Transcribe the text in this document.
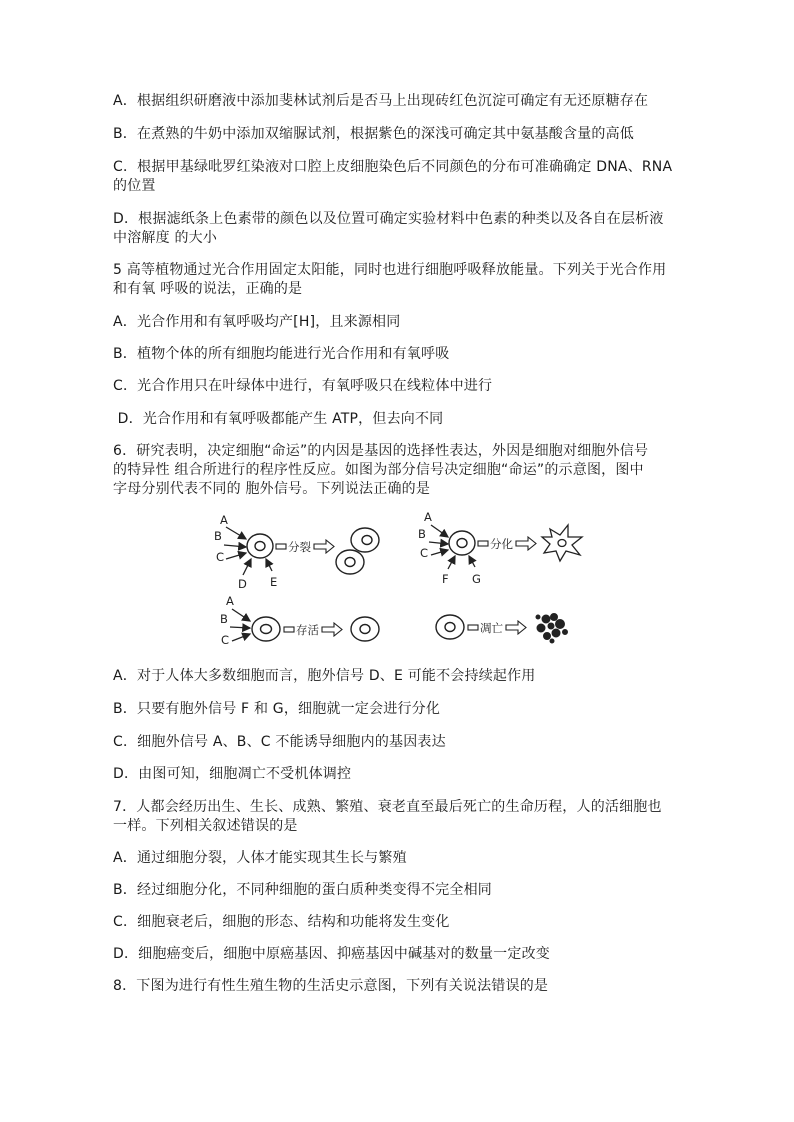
A．根据组织研磨液中添加斐林试剂后是否马上出现砖红色沉淀可确定有无还原糖存在
B．在煮熟的牛奶中添加双缩脲试剂，根据紫色的深浅可确定其中氨基酸含量的高低
C．根据甲基绿吡罗红染液对口腔上皮细胞染色后不同颜色的分布可准确确定 DNA、RNA
的位置
D．根据滤纸条上色素带的颜色以及位置可确定实验材料中色素的种类以及各自在层析液
中溶解度 的大小
5 高等植物通过光合作用固定太阳能，同时也进行细胞呼吸释放能量。下列关于光合作用
和有氧 呼吸的说法，正确的是
A．光合作用和有氧呼吸均产[H]，且来源相同
B．植物个体的所有细胞均能进行光合作用和有氧呼吸
C．光合作用只在叶绿体中进行，有氧呼吸只在线粒体中进行
D．光合作用和有氧呼吸都能产生 ATP，但去向不同
6．研究表明，决定细胞“命运”的内因是基因的选择性表达，外因是细胞对细胞外信号
的特异性 组合所进行的程序性反应。如图为部分信号决定细胞“命运”的示意图，图中
字母分别代表不同的 胞外信号。下列说法正确的是
A
B
C
D E
分裂
A
B
C
F G
分化
A
B
C
存活	凋亡
A．对于人体大多数细胞而言，胞外信号 D、E 可能不会持续起作用
B．只要有胞外信号 F 和 G，细胞就一定会进行分化
C．细胞外信号 A、B、C 不能诱导细胞内的基因表达
D．由图可知，细胞凋亡不受机体调控
7．人都会经历出生、生长、成熟、繁殖、衰老直至最后死亡的生命历程，人的活细胞也
一样。下列相关叙述错误的是
A．通过细胞分裂，人体才能实现其生长与繁殖
B．经过细胞分化，不同种细胞的蛋白质种类变得不完全相同
C．细胞衰老后，细胞的形态、结构和功能将发生变化
D．细胞癌变后，细胞中原癌基因、抑癌基因中碱基对的数量一定改变
8．下图为进行有性生殖生物的生活史示意图，下列有关说法错误的是
